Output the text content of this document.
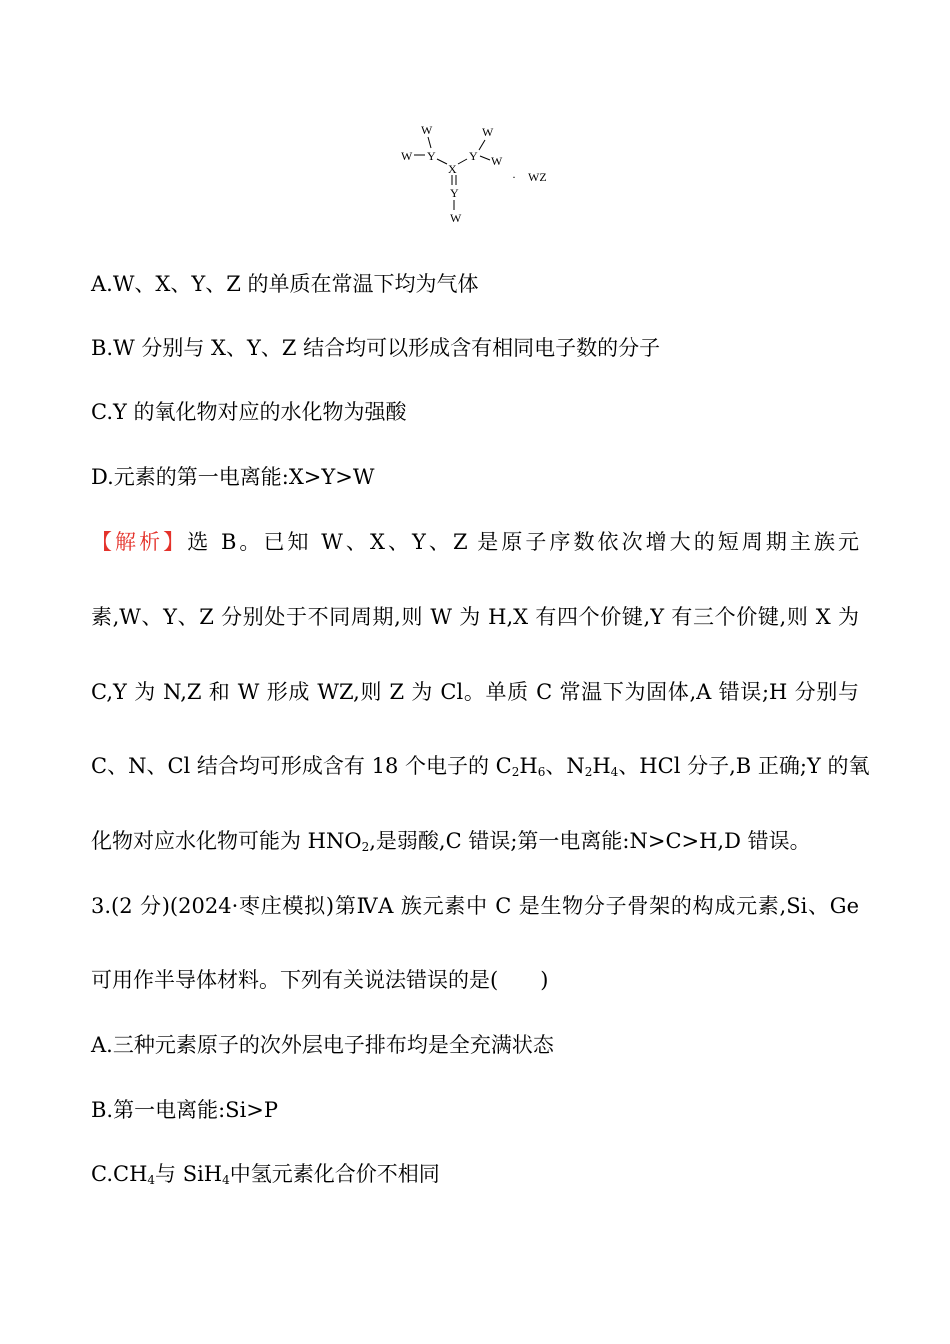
W
W Y
X
Y
W
W
Y
W
· WZ
A.W、X、Y、Z 的单质在常温下均为气体
B.W 分别与 X、Y、Z 结合均可以形成含有相同电子数的分子
C.Y 的氧化物对应的水化物为强酸
D.元素的第一电离能:X>Y>W
【解析】选 B。已知 W、X、Y、Z 是原子序数依次增大的短周期主族元
素,W、Y、Z 分别处于不同周期,则 W 为 H,X 有四个价键,Y 有三个价键,则 X 为
C,Y 为 N,Z 和 W 形成 WZ,则 Z 为 Cl。单质 C 常温下为固体,A 错误;H 分别与
C、N、Cl 结合均可形成含有 18 个电子的 $C_2H_6$、$N_2H_4$、HCl 分子,B 正确;Y 的氧
化物对应水化物可能为 $HNO_2$,是弱酸,C 错误;第一电离能:N>C>H,D 错误。
3.(2 分)(2024·枣庄模拟)第ⅣA 族元素中 C 是生物分子骨架的构成元素,Si、Ge
可用作半导体材料。下列有关说法错误的是(　　)
A.三种元素原子的次外层电子排布均是全充满状态
B.第一电离能:Si>P
$C.CH_4$与 SiH$_4$中氢元素化合价不相同
